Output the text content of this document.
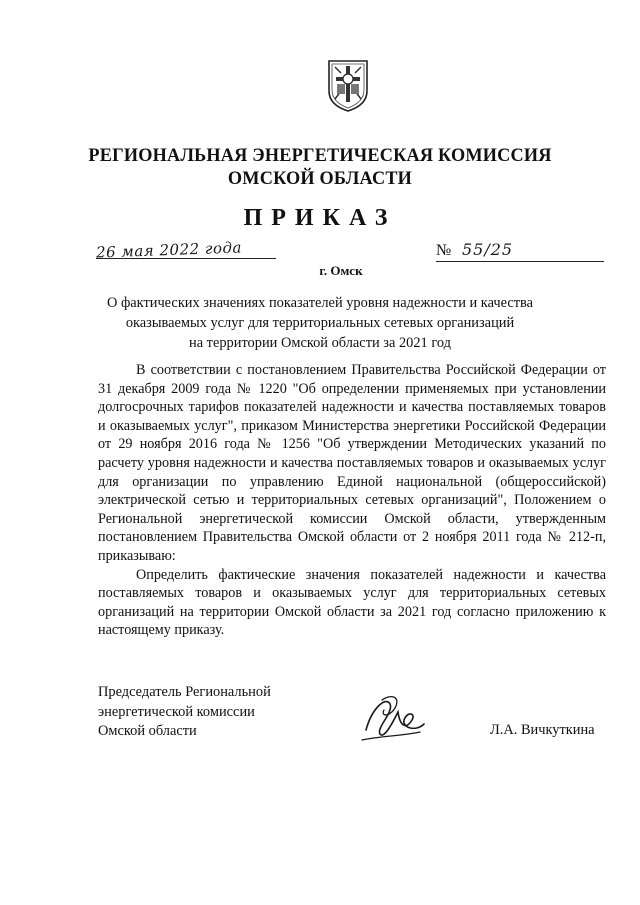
РЕГИОНАЛЬНАЯ ЭНЕРГЕТИЧЕСКАЯ КОМИССИЯ
ОМСКОЙ ОБЛАСТИ
ПРИКАЗ
26 мая 2022 года
г. Омск
№ 55/25
О фактических значениях показателей уровня надежности и качества
оказываемых услуг для территориальных сетевых организаций
на территории Омской области за 2021 год

В соответствии с постановлением Правительства Российской Федерации от 31 декабря 2009 года № 1220 "Об определении применяемых при установлении долгосрочных тарифов показателей надежности и качества поставляемых товаров и оказываемых услуг", приказом Министерства энергетики Российской Федерации от 29 ноября 2016 года № 1256 "Об утверждении Методических указаний по расчету уровня надежности и качества поставляемых товаров и оказываемых услуг для организации по управлению Единой национальной (общероссийской) электрической сетью и территориальных сетевых организаций", Положением о Региональной энергетической комиссии Омской области, утвержденным постановлением Правительства Омской области от 2 ноября 2011 года № 212-п, приказываю:

Определить фактические значения показателей надежности и качества поставляемых товаров и оказываемых услуг для территориальных сетевых организаций на территории Омской области за 2021 год согласно приложению к настоящему приказу.

Председатель Региональной
энергетической комиссии
Омской области	Л.А. Вичкуткина
